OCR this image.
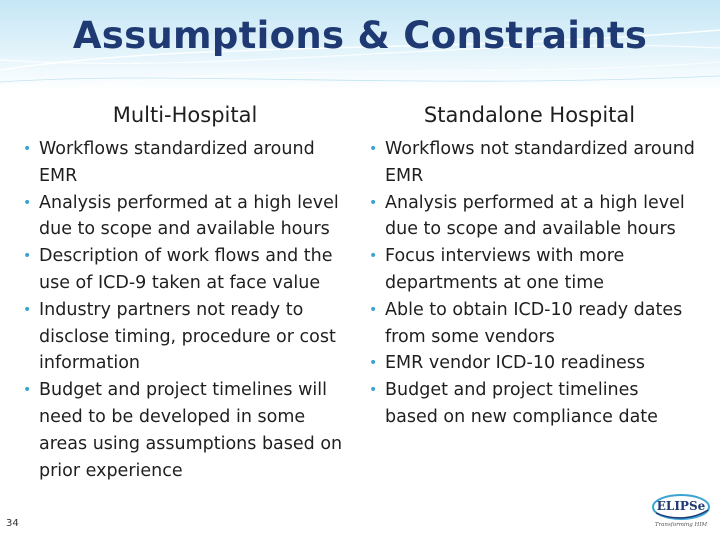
Assumptions & Constraints
Multi-Hospital	Standalone Hospital
• Workflows standardized around EMR
• Analysis performed at a high level due to scope and available hours
• Description of work flows and the use of ICD-9 taken at face value
• Industry partners not ready to disclose timing, procedure or cost information
• Budget and project timelines will need to be developed in some areas using assumptions based on prior experience
• Workflows not standardized around EMR
• Analysis performed at a high level due to scope and available hours
• Focus interviews with more departments at one time
• Able to obtain ICD-10 ready dates from some vendors
• EMR vendor ICD-10 readiness
• Budget and project timelines based on new compliance date
34
ELIPSe
Transforming HIM
